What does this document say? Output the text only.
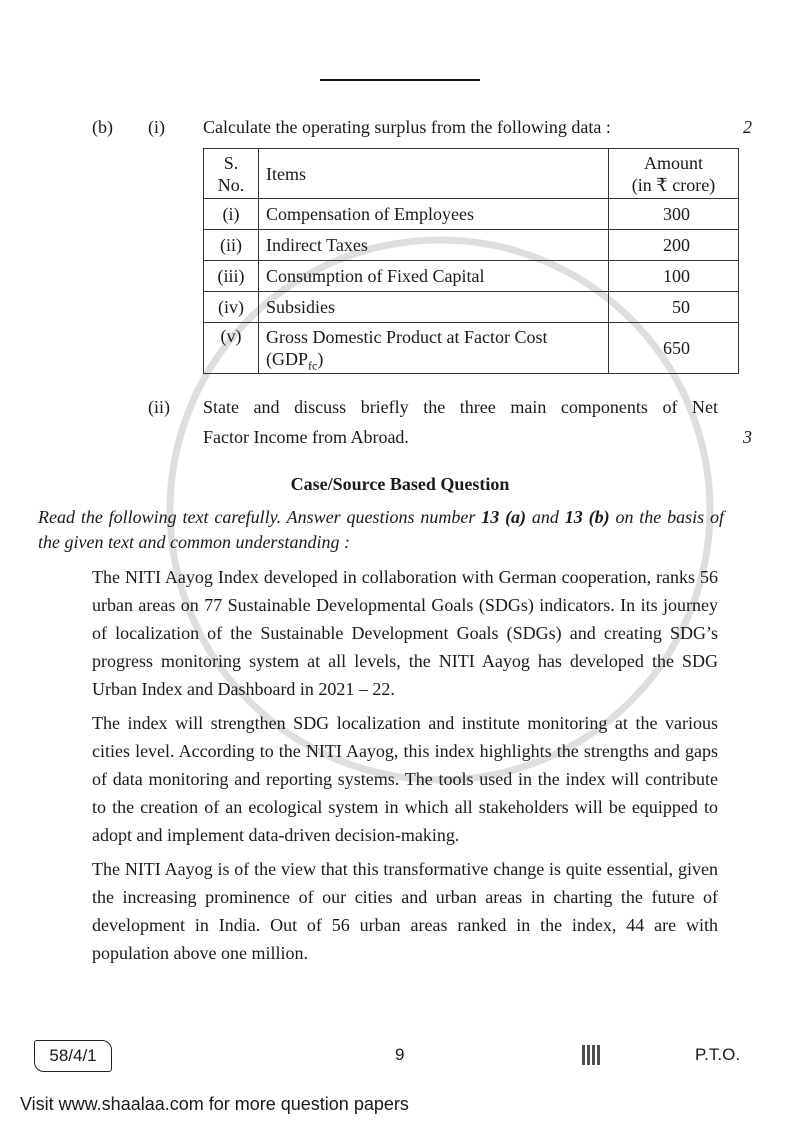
(b)	(i)	Calculate the operating surplus from the following data :	2
S.
No.	Items	Amount
(in ₹ crore)
(i)	Compensation of Employees	300
(ii)	Indirect Taxes	200
(iii)	Consumption of Fixed Capital	100
(iv)	Subsidies	50
(v)	Gross Domestic Product at Factor Cost
$(GDP_{fc})$	650
(ii)	State and discuss briefly the three main components of Net
Factor Income from Abroad.	3
Case/Source Based Question
Read the following text carefully. Answer questions number 13 (a) and 13 (b) on the basis of the given text and common understanding :

The NITI Aayog Index developed in collaboration with German cooperation, ranks 56 urban areas on 77 Sustainable Developmental Goals (SDGs) indicators. In its journey of localization of the Sustainable Development Goals (SDGs) and creating SDG’s progress monitoring system at all levels, the NITI Aayog has developed the SDG Urban Index and Dashboard in 2021 – 22.

The index will strengthen SDG localization and institute monitoring at the various cities level. According to the NITI Aayog, this index highlights the strengths and gaps of data monitoring and reporting systems. The tools used in the index will contribute to the creation of an ecological system in which all stakeholders will be equipped to adopt and implement data-driven decision-making.

The NITI Aayog is of the view that this transformative change is quite essential, given the increasing prominence of our cities and urban areas in charting the future of development in India. Out of 56 urban areas ranked in the index, 44 are with population above one million.

58/4/1	9	P.T.O.
Visit www.shaalaa.com for more question papers
